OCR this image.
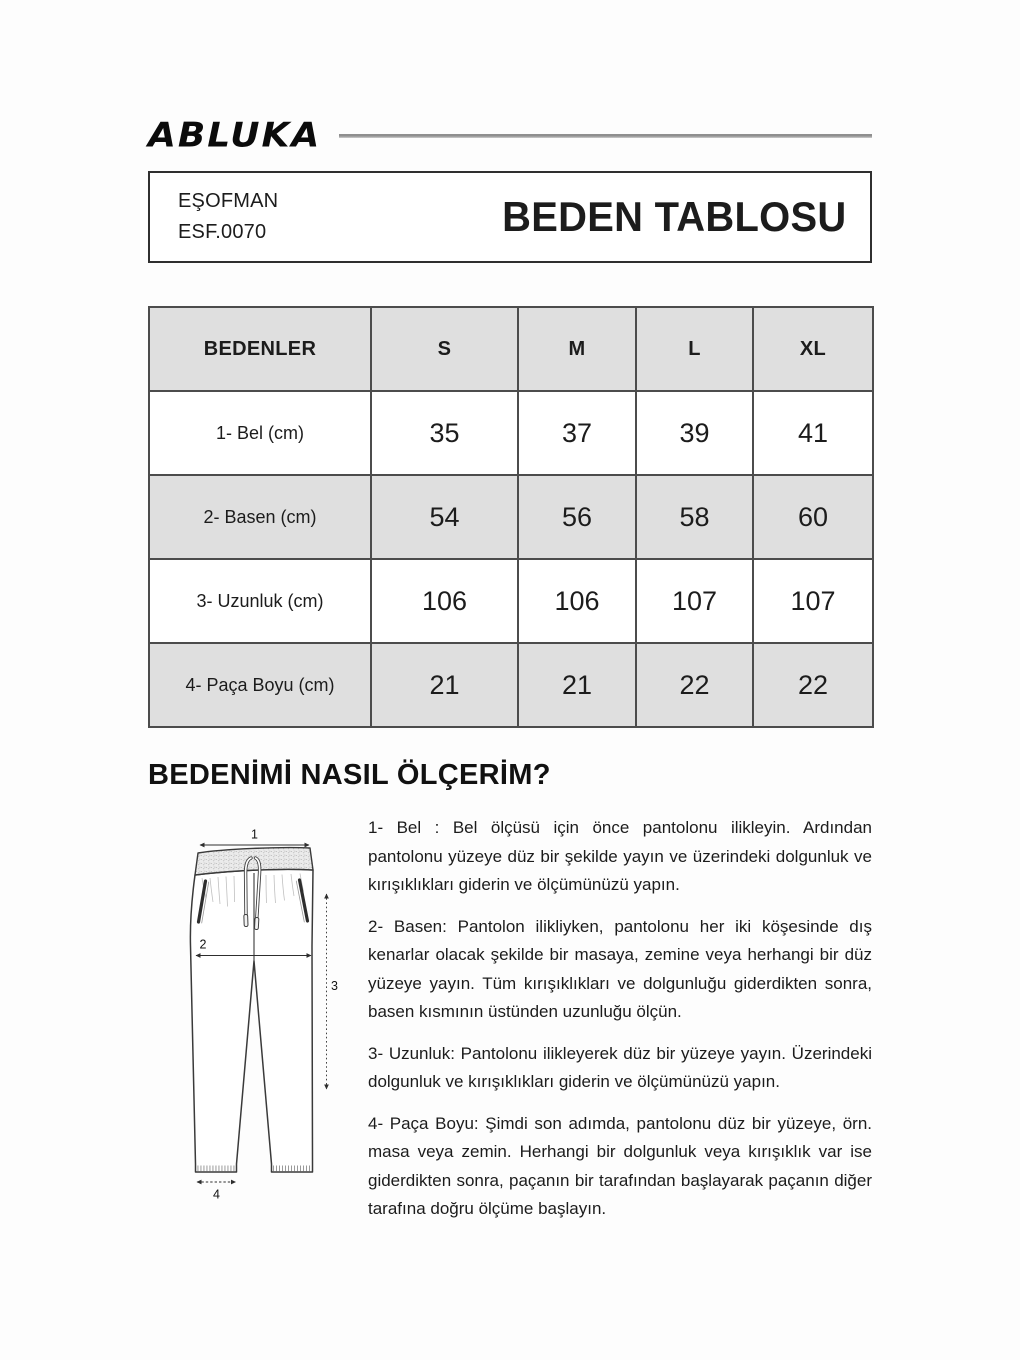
ABLUKA
EŞOFMAN
ESF.0070	BEDEN TABLOSU
BEDENLER	S	M	L	XL
1- Bel (cm)	35	37	39	41
2- Basen (cm)	54	56	58	60
3- Uzunluk (cm)	106	106	107	107
4- Paça Boyu (cm)	21	21	22	22
BEDENİMİ NASIL ÖLÇERİM?
1
2
3
4

1- Bel : Bel ölçüsü için önce pantolonu ilikleyin. Ardından pantolonu yüzeye düz bir şekilde yayın ve üzerindeki dolgunluk ve kırışıklıkları giderin ve ölçümünüzü yapın.

2- Basen: Pantolon ilikliyken, pantolonu her iki köşesinde dış kenarlar olacak şekilde bir masaya, zemine veya herhangi bir düz yüzeye yayın. Tüm kırışıklıkları ve dolgunluğu giderdikten sonra, basen kısmının üstünden uzunluğu ölçün.

3- Uzunluk: Pantolonu ilikleyerek düz bir yüzeye yayın. Üzerindeki dolgunluk ve kırışıklıkları giderin ve ölçümünüzü yapın.

4- Paça Boyu: Şimdi son adımda, pantolonu düz bir yüzeye, örn. masa veya zemin. Herhangi bir dolgunluk veya kırışıklık var ise giderdikten sonra, paçanın bir tarafından başlayarak paçanın diğer tarafına doğru ölçüme başlayın.
